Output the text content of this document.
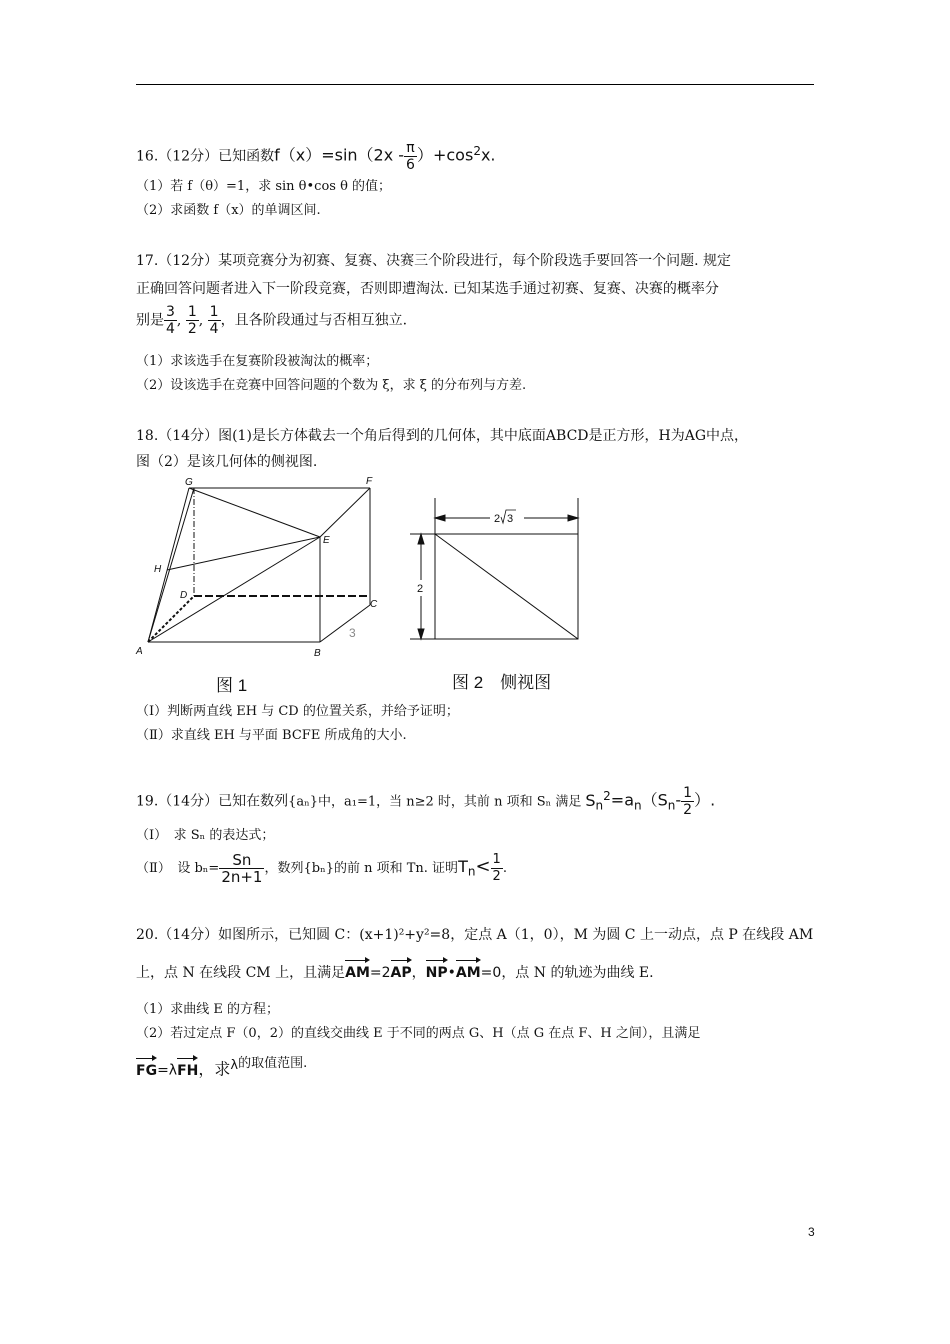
16.（12分）已知函数$f(x)=\sin(2x - \frac{\pi}{6} )+\cos^2x$.
（1）若 f（θ）=1，求 sin θ•cos θ 的值；
（2）求函数 f（x）的单调区间.
17.（12分）某项竞赛分为初赛、复赛、决赛三个阶段进行，每个阶段选手要回答一个问题. 规定
正确回答问题者进入下一阶段竞赛，否则即遭淘汰. 已知某选手通过初赛、复赛、决赛的概率分
别是 $\frac{3}{4}$ , $\frac{1}{2}$ , $\frac{1}{4}$ ，且各阶段通过与否相互独立.
（1）求该选手在复赛阶段被淘汰的概率；
（2）设该选手在竞赛中回答问题的个数为 ξ，求 ξ 的分布列与方差.
18.（14分）图(1)是长方体截去一个角后得到的几何体，其中底面ABCD是正方形，H为AG中点，
图（2）是该几何体的侧视图.
G	F
E
H
D
C
A	B
3
图 1
2 3
2
图 2　侧视图
（Ⅰ）判断两直线 EH 与 CD 的位置关系，并给予证明；
（Ⅱ）求直线 EH 与平面 BCFE 所成角的大小.
19.（14分）已知在数列{aₙ}中，a₁=1，当 n≥2 时，其前 n 项和 Sₙ 满足 $S_n^2=a_n(S_n- \frac{1}{2}$ ）.
（Ⅰ）　求 Sₙ 的表达式；
（Ⅱ）　设 $b_n= \frac{Sn}{2n+1}$ ，数列{bₙ}的前 n 项和 Tn. 证明$T_n< \frac{1}{2}$ .
20.（14分）如图所示，已知圆 C：(x+1)²+y²=8，定点 A（1，0），M 为圆 C 上一动点，点 P 在线段 AM
上，点 N 在线段 CM 上，且满足AM=2AP，NP•AM=0，点 N 的轨迹为曲线 E.
（1）求曲线 E 的方程；
（2）若过定点 F（0，2）的直线交曲线 E 于不同的两点 G、H（点 G 在点 F、H 之间），且满足
FG=λFH，求$^\lambda$的取值范围.
3
